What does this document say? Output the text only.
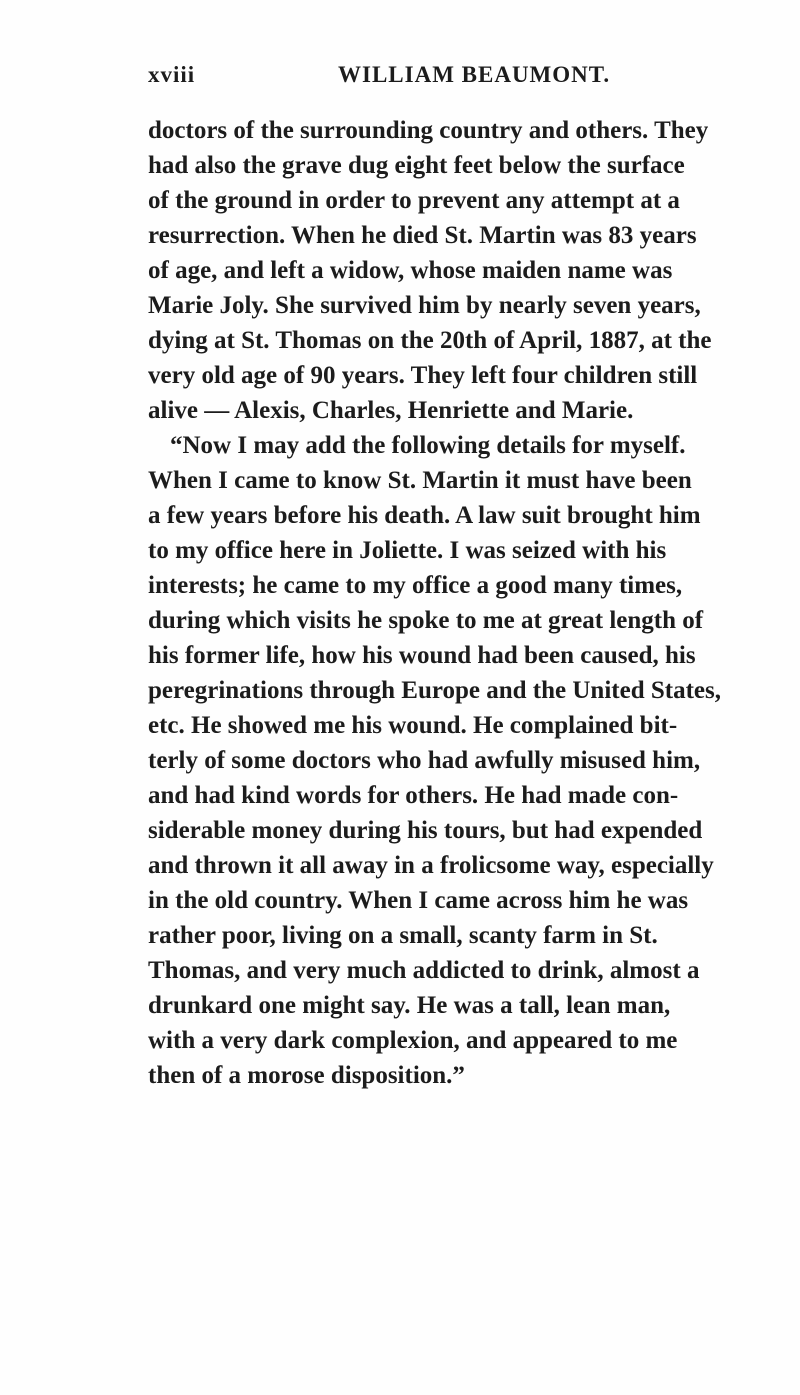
xviii	WILLIAM BEAUMONT.
doctors of the surrounding country and others. They
had also the grave dug eight feet below the surface
of the ground in order to prevent any attempt at a
resurrection. When he died St. Martin was 83 years
of age, and left a widow, whose maiden name was
Marie Joly. She survived him by nearly seven years,
dying at St. Thomas on the 20th of April, 1887, at the
very old age of 90 years. They left four children still
alive — Alexis, Charles, Henriette and Marie.
“Now I may add the following details for myself.
When I came to know St. Martin it must have been
a few years before his death. A law suit brought him
to my office here in Joliette. I was seized with his
interests; he came to my office a good many times,
during which visits he spoke to me at great length of
his former life, how his wound had been caused, his
peregrinations through Europe and the United States,
etc. He showed me his wound. He complained bit-
terly of some doctors who had awfully misused him,
and had kind words for others. He had made con-
siderable money during his tours, but had expended
and thrown it all away in a frolicsome way, especially
in the old country. When I came across him he was
rather poor, living on a small, scanty farm in St.
Thomas, and very much addicted to drink, almost a
drunkard one might say. He was a tall, lean man,
with a very dark complexion, and appeared to me
then of a morose disposition.”
